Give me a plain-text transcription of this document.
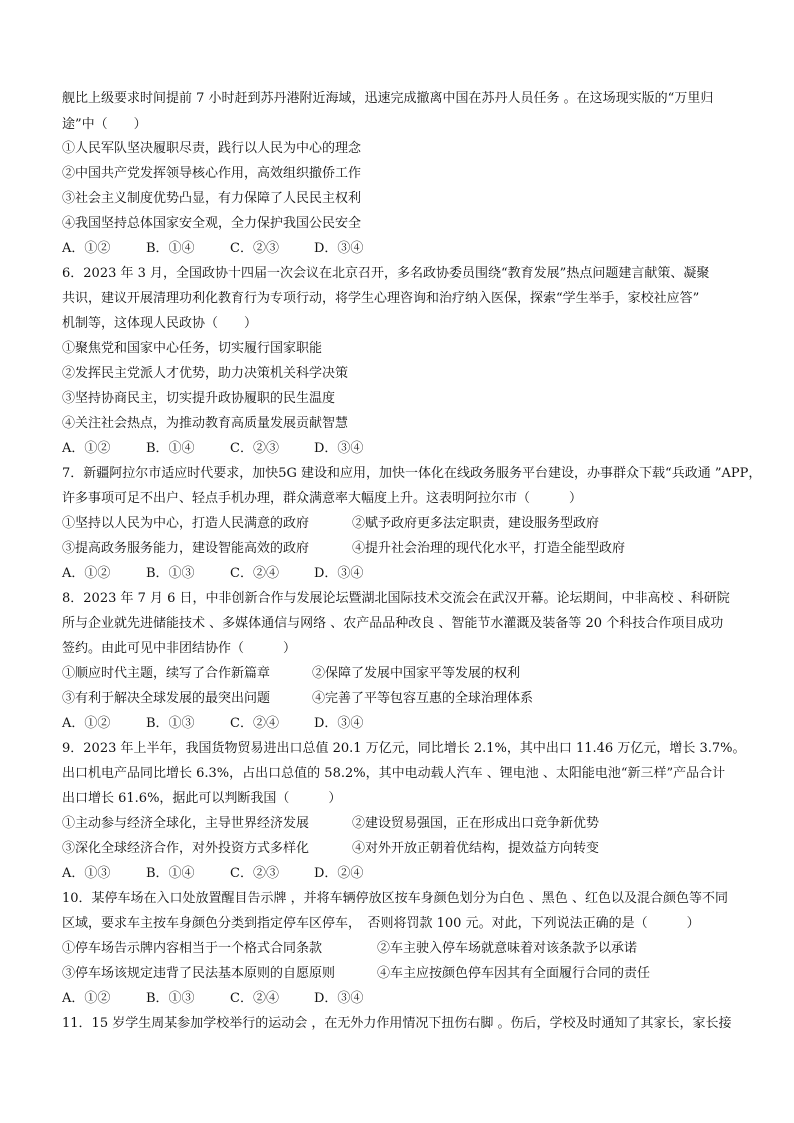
舰比上级要求时间提前 7 小时赶到苏丹港附近海域，迅速完成撤离中国在苏丹人员任务 。在这场现实版的“万里归
途”中（　　）
①人民军队坚决履职尽责，践行以人民为中心的理念
②中国共产党发挥领导核心作用，高效组织撤侨工作
③社会主义制度优势凸显，有力保障了人民民主权利
④我国坚持总体国家安全观，全力保护我国公民安全
A．①②	B．①④	C．②③	D．③④
6．2023 年 3 月，全国政协十四届一次会议在北京召开，多名政协委员围绕“教育发展”热点问题建言献策、凝聚
共识，建议开展清理功利化教育行为专项行动，将学生心理咨询和治疗纳入医保，探索“学生举手，家校社应答”
机制等，这体现人民政协（　　）
①聚焦党和国家中心任务，切实履行国家职能
②发挥民主党派人才优势，助力决策机关科学决策
③坚持协商民主，切实提升政协履职的民生温度
④关注社会热点，为推动教育高质量发展贡献智慧
A．①②	B．①④	C．②③	D．③④
7．新疆阿拉尔市适应时代要求，加快5G 建设和应用，加快一体化在线政务服务平台建设，办事群众下载“兵政通 ”APP，
许多事项可足不出户、轻点手机办理，群众满意率大幅度上升。这表明阿拉尔市（　　　）
①坚持以人民为中心，打造人民满意的政府	②赋予政府更多法定职责，建设服务型政府
③提高政务服务能力，建设智能高效的政府	④提升社会治理的现代化水平，打造全能型政府
A．①②	B．①③	C．②④	D．③④
8．2023 年 7 月 6 日，中非创新合作与发展论坛暨湖北国际技术交流会在武汉开幕。论坛期间，中非高校 、科研院
所与企业就先进储能技术 、多媒体通信与网络 、农产品品种改良 、智能节水灌溉及装备等 20 个科技合作项目成功
签约。由此可见中非团结协作（　　　）
①顺应时代主题，续写了合作新篇章	②保障了发展中国家平等发展的权利
③有利于解决全球发展的最突出问题	④完善了平等包容互惠的全球治理体系
A．①②	B．①③	C．②④	D．③④
9．2023 年上半年，我国货物贸易进出口总值 20.1 万亿元，同比增长 2.1%，其中出口 11.46 万亿元，增长 3.7%。
出口机电产品同比增长 6.3%，占出口总值的 58.2%，其中电动载人汽车 、锂电池 、太阳能电池“新三样”产品合计
出口增长 61.6%，据此可以判断我国（　　　）
①主动参与经济全球化，主导世界经济发展	②建设贸易强国，正在形成出口竞争新优势
③深化全球经济合作，对外投资方式多样化	④对外开放正朝着优结构，提效益方向转变
A．①③	B．①④	C．②③	D．②④
10．某停车场在入口处放置醒目告示牌 ，并将车辆停放区按车身颜色划分为白色 、黑色 、红色以及混合颜色等不同
区域，要求车主按车身颜色分类到指定停车区停车，　否则将罚款 100 元。对此，下列说法正确的是（　　　）
①停车场告示牌内容相当于一个格式合同条款	②车主驶入停车场就意味着对该条款予以承诺
③停车场该规定违背了民法基本原则的自愿原则	④车主应按颜色停车因其有全面履行合同的责任
A．①②	B．①③	C．②④	D．③④
11．15 岁学生周某参加学校举行的运动会 ，在无外力作用情况下扭伤右脚 。伤后，学校及时通知了其家长，家长接
